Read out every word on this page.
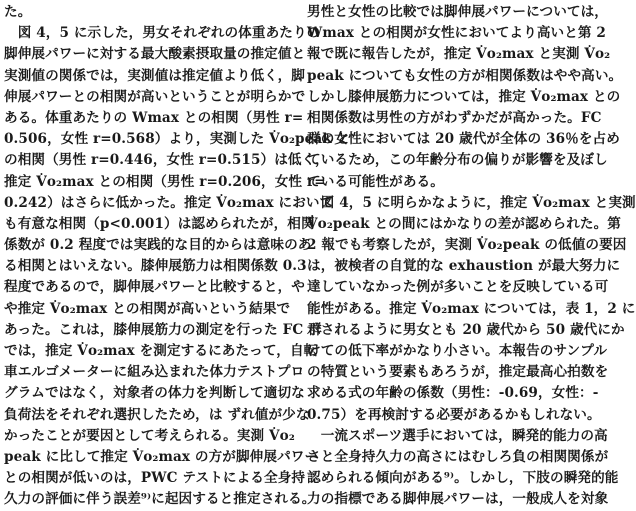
た。
　図 4，5 に示した，男女それぞれの体重あたりの
脚伸展パワーに対する最大酸素摂取量の推定値と
実測値の関係では，実測値は推定値より低く，脚
伸展パワーとの相関が高いということが明らかで
ある。体重あたりの Wmax との相関（男性 r=
0.506，女性 r=0.568）より，実測した V̇o₂peak と
の相関（男性 r=0.446，女性 r=0.515）は低く，
推定 V̇o₂max との相関（男性 r=0.206，女性 r=
0.242）はさらに低かった。推定 V̇o₂max において
も有意な相関（p<0.001）は認められたが，相関
係数が 0.2 程度では実践的な目的からは意味のあ
る相関とはいえない。膝伸展筋力は相関係数 0.3
程度であるので，脚伸展パワーと比較すると，や
や推定 V̇o₂max との相関が高いという結果で
あった。これは，膝伸展筋力の測定を行った FC 群
では，推定 V̇o₂max を測定するにあたって，自転
車エルゴメーターに組み込まれた体力テストプロ
グラムではなく，対象者の体力を判断して適切な
負荷法をそれぞれ選択したため，は ずれ値が少な
かったことが要因として考えられる。実測 V̇o₂
peak に比して推定 V̇o₂max の方が脚伸展パワー
との相関が低いのは，PWC テストによる全身持
久力の評価に伴う誤差⁹⁾に起因すると推定される。
男性と女性の比較では脚伸展パワーについては，
Wmax との相関が女性においてより高いと第 2
報で既に報告したが，推定 V̇o₂max と実測 V̇o₂
peak についても女性の方が相関係数はやや高い。
しかし膝伸展筋力については，推定 V̇o₂max との
相関係数は男性の方がわずかだが高かった。FC
群の女性においては 20 歳代が全体の 36％を占め
ているため，この年齢分布の偏りが影響を及ぼし
ている可能性がある。
　図 4，5 に明らかなように，推定 V̇o₂max と実測
V̇o₂peak との間にはかなりの差が認められた。第
2 報でも考察したが，実測 V̇o₂peak の低値の要因
は，被検者の自覚的な exhaustion が最大努力に
達していなかった例が多いことを反映している可
能性がある。推定 V̇o₂max については，表 1，2 に
示されるように男女とも 20 歳代から 50 歳代にか
けての低下率がかなり小さい。本報告のサンプル
の特質という要素もあろうが，推定最高心拍数を
求める式の年齢の係数（男性：-0.69，女性：-
0.75）を再検討する必要があるかもしれない。
　一流スポーツ選手においては，瞬発的能力の高
さと全身持久力の高さにはむしろ負の相関関係が
認められる傾向がある⁹⁾。しかし，下肢の瞬発的能
力の指標である脚伸展パワーは，一般成人を対象
